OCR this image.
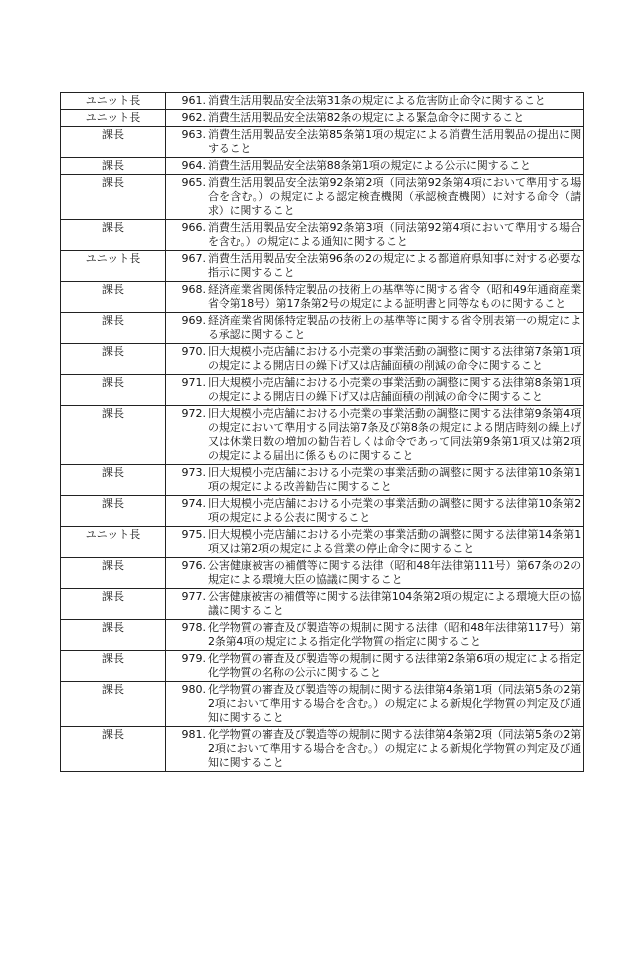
ユニット長	961. 消費生活用製品安全法第31条の規定による危害防止命令に関すること

ユニット長	962. 消費生活用製品安全法第82条の規定による緊急命令に関すること

課長	963. 消費生活用製品安全法第85条第1項の規定による消費生活用製品の提出に関すること

課長	964. 消費生活用製品安全法第88条第1項の規定による公示に関すること

課長	965. 消費生活用製品安全法第92条第2項（同法第92条第4項において準用する場合を含む。）の規定による認定検査機関（承認検査機関）に対する命令（請求）に関すること

課長	966. 消費生活用製品安全法第92条第3項（同法第92第4項において準用する場合を含む。）の規定による通知に関すること

ユニット長	967. 消費生活用製品安全法第96条の2の規定による都道府県知事に対する必要な指示に関すること

課長	968. 経済産業省関係特定製品の技術上の基準等に関する省令（昭和49年通商産業省令第18号）第17条第2号の規定による証明書と同等なものに関すること

課長	969. 経済産業省関係特定製品の技術上の基準等に関する省令別表第一の規定による承認に関すること

課長	970. 旧大規模小売店舗における小売業の事業活動の調整に関する法律第7条第1項の規定による開店日の繰下げ又は店舗面積の削減の命令に関すること

課長	971. 旧大規模小売店舗における小売業の事業活動の調整に関する法律第8条第1項の規定による開店日の繰下げ又は店舗面積の削減の命令に関すること

課長	972. 旧大規模小売店舗における小売業の事業活動の調整に関する法律第9条第4項の規定において準用する同法第7条及び第8条の規定による閉店時刻の繰上げ又は休業日数の増加の勧告若しくは命令であって同法第9条第1項又は第2項の規定による届出に係るものに関すること

課長	973. 旧大規模小売店舗における小売業の事業活動の調整に関する法律第10条第1項の規定による改善勧告に関すること

課長	974. 旧大規模小売店舗における小売業の事業活動の調整に関する法律第10条第2項の規定による公表に関すること

ユニット長	975. 旧大規模小売店舗における小売業の事業活動の調整に関する法律第14条第1項又は第2項の規定による営業の停止命令に関すること

課長	976. 公害健康被害の補償等に関する法律（昭和48年法律第111号）第67条の2の規定による環境大臣の協議に関すること

課長	977. 公害健康被害の補償等に関する法律第104条第2項の規定による環境大臣の協議に関すること

課長	978. 化学物質の審査及び製造等の規制に関する法律（昭和48年法律第117号）第2条第4項の規定による指定化学物質の指定に関すること

課長	979. 化学物質の審査及び製造等の規制に関する法律第2条第6項の規定による指定化学物質の名称の公示に関すること

課長	980. 化学物質の審査及び製造等の規制に関する法律第4条第1項（同法第5条の2第2項において準用する場合を含む。）の規定による新規化学物質の判定及び通知に関すること

課長	981. 化学物質の審査及び製造等の規制に関する法律第4条第2項（同法第5条の2第2項において準用する場合を含む。）の規定による新規化学物質の判定及び通知に関すること
